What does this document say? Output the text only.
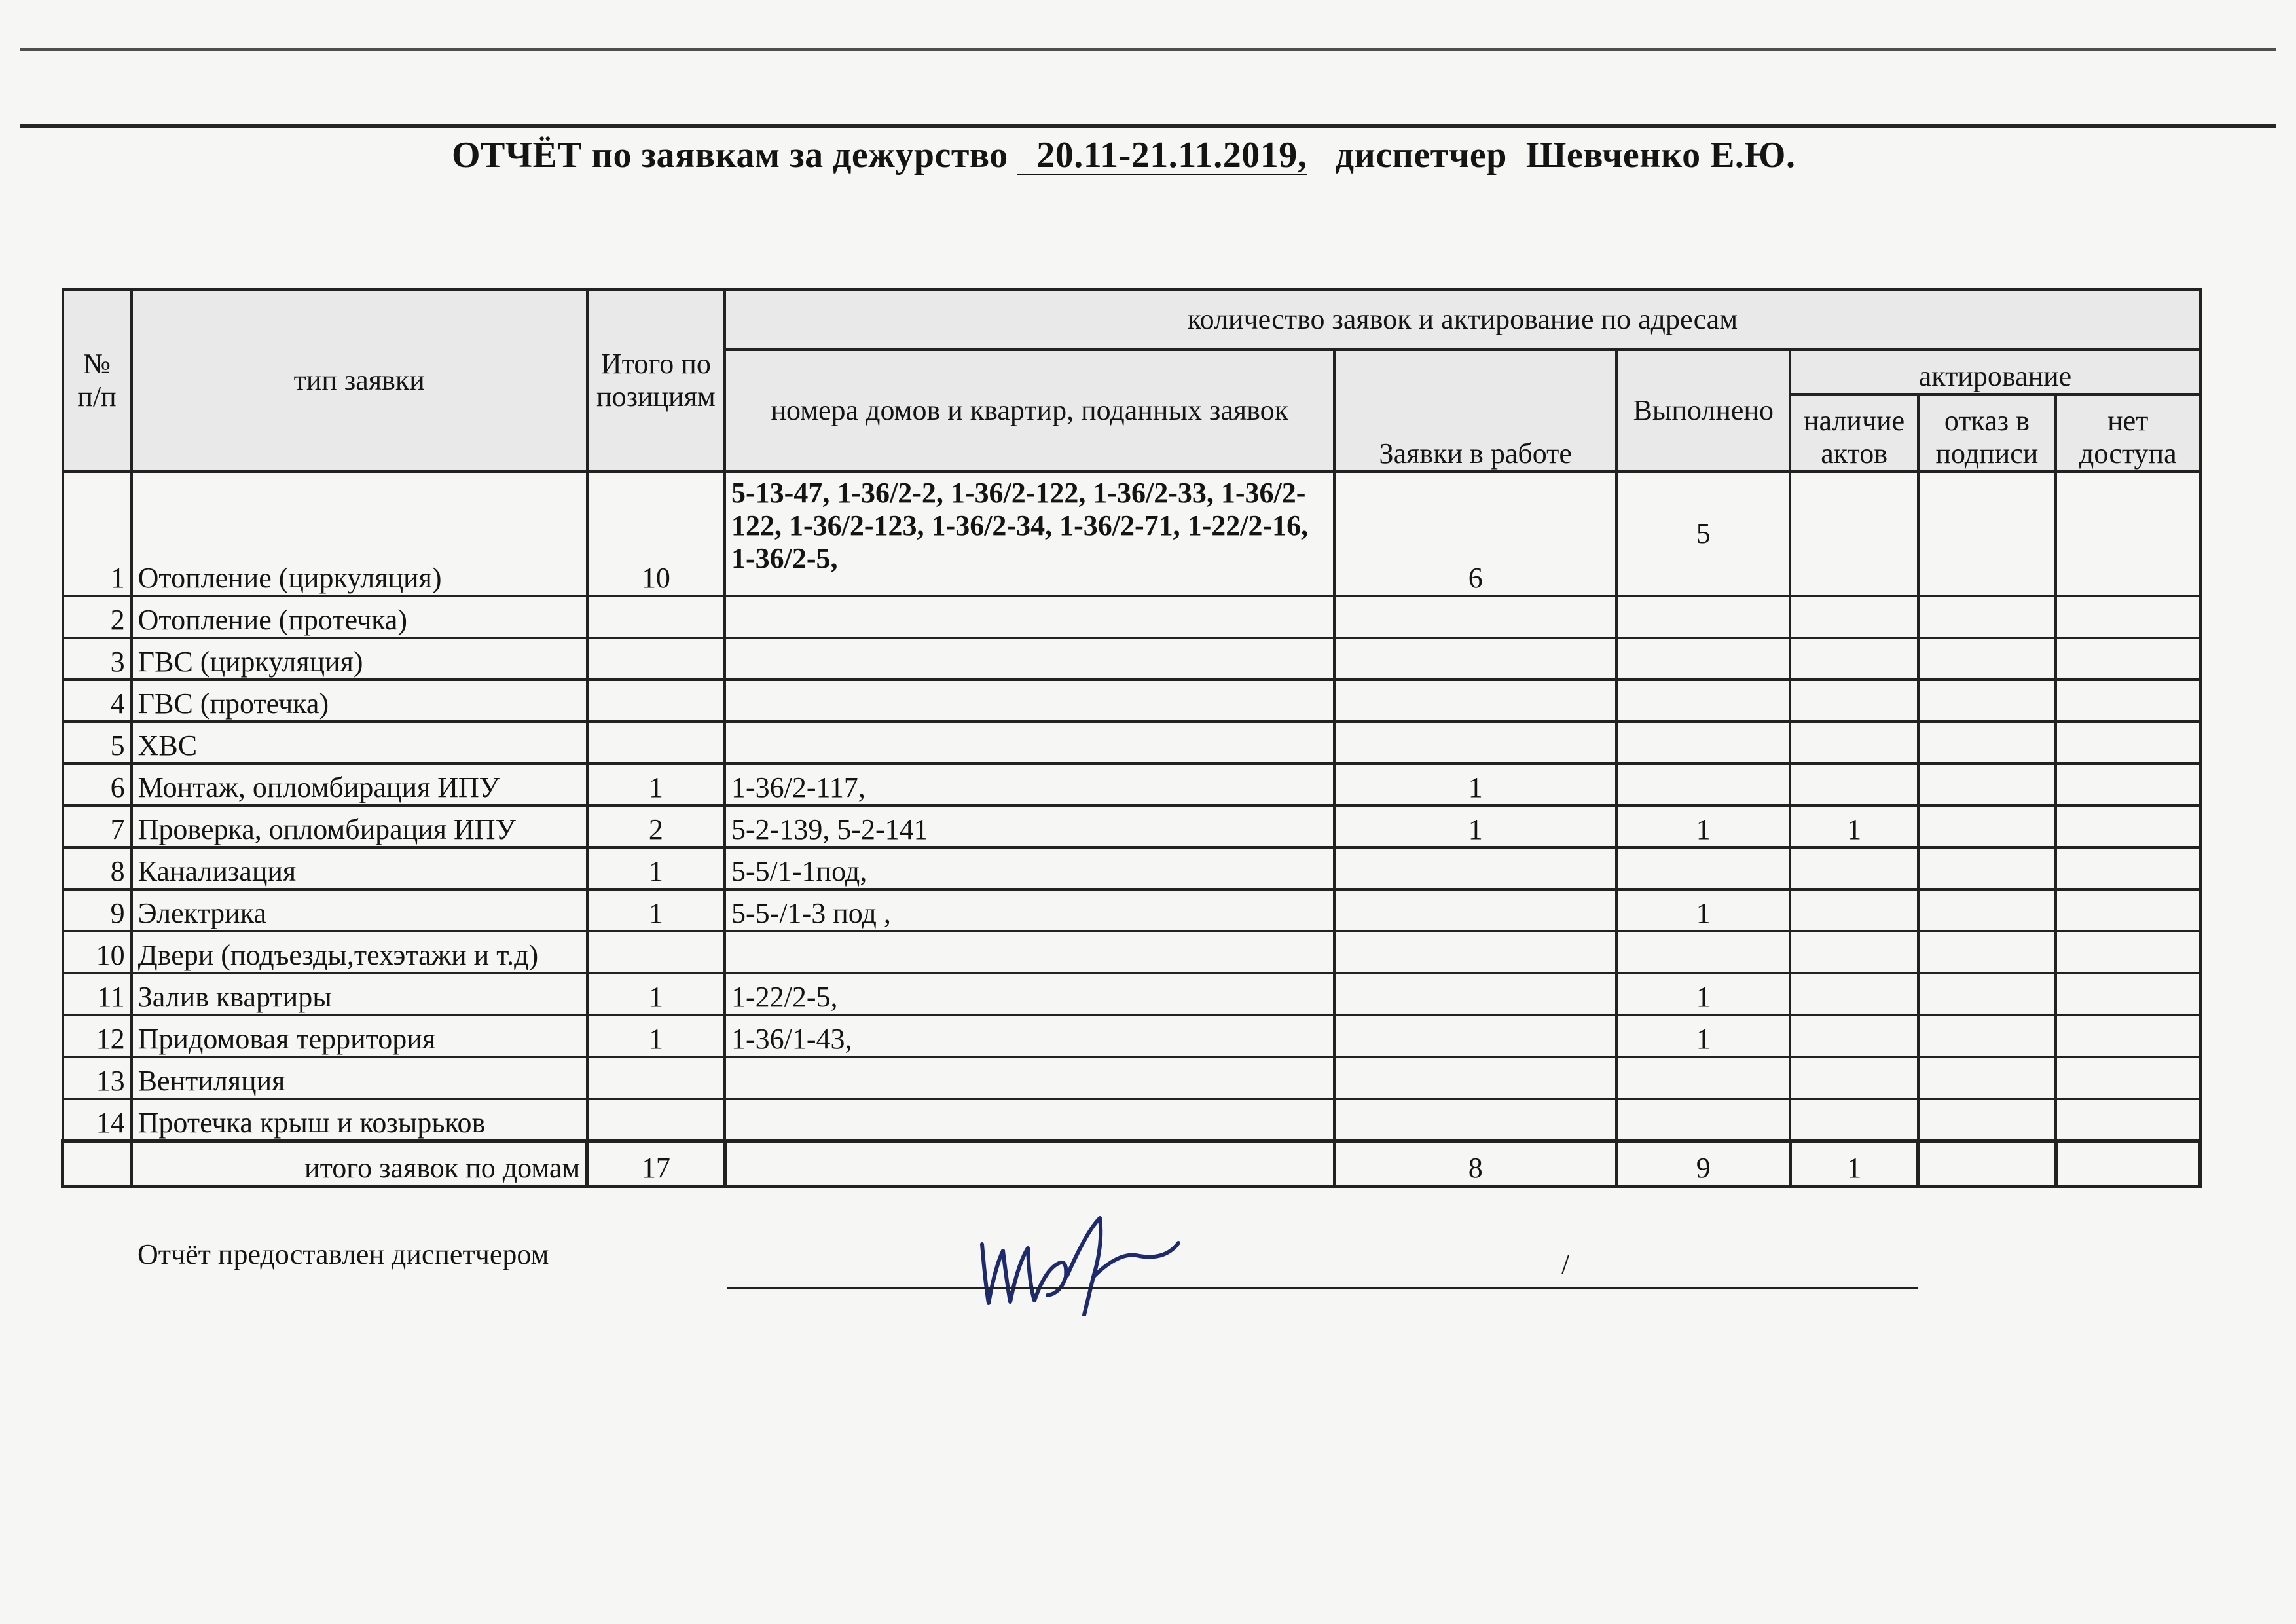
ОТЧЁТ по заявкам за дежурство 20.11-21.11.2019, диспетчер Шевченко Е.Ю.
№ п/п	тип заявки	Итого по позициям	количество заявок и актирование по адресам					
			номера домов и квартир, поданных заявок	Заявки в работе	Выполнено	актирование		
						наличие актов	отказ в подписи	нет доступа
1	Отопление (циркуляция)	10	5-13-47, 1-36/2-2, 1-36/2-122, 1-36/2-33, 1-36/2-122, 1-36/2-123, 1-36/2-34, 1-36/2-71, 1-22/2-16, 1-36/2-5,	6	5			
2	Отопление (протечка)							
3	ГВС (циркуляция)							
4	ГВС (протечка)							
5	ХВС							
6	Монтаж, опломбирация ИПУ	1	1-36/2-117,	1				
7	Проверка, опломбирация ИПУ	2	5-2-139, 5-2-141	1	1	1		
8	Канализация	1	5-5/1-1под,					
9	Электрика	1	5-5-/1-3 под ,		1			
10	Двери (подъезды,техэтажи и т.д)							
11	Залив квартиры	1	1-22/2-5,		1			
12	Придомовая территория	1	1-36/1-43,		1			
13	Вентиляция							
14	Протечка крыш и козырьков							
	итого заявок по домам	17		8	9	1		
Отчёт предоставлен диспетчером	/
